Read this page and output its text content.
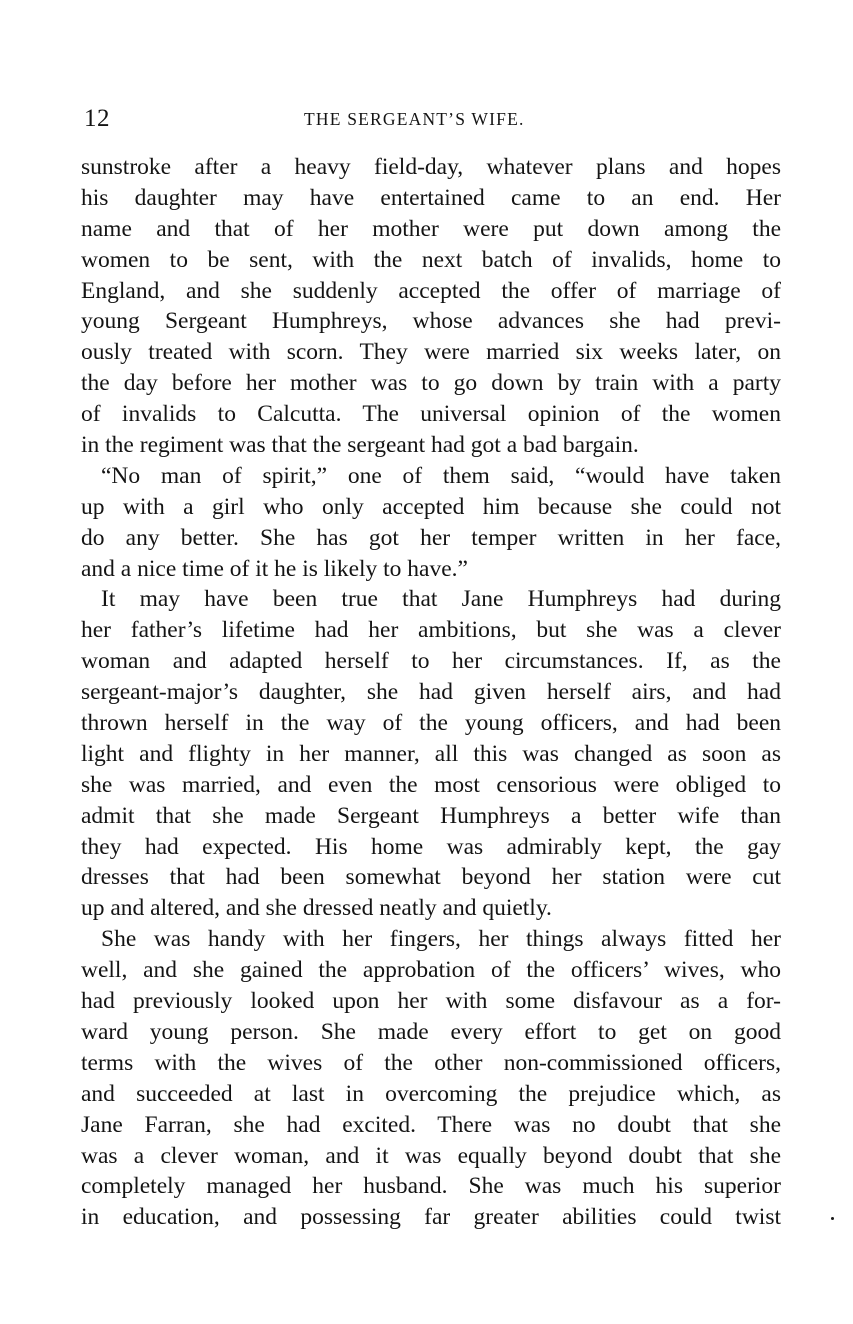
12	THE SERGEANT’S WIFE.
sunstroke after a heavy field-day, whatever plans and hopes
his daughter may have entertained came to an end. Her
name and that of her mother were put down among the
women to be sent, with the next batch of invalids, home to
England, and she suddenly accepted the offer of marriage of
young Sergeant Humphreys, whose advances she had previ-
ously treated with scorn. They were married six weeks later, on
the day before her mother was to go down by train with a party
of invalids to Calcutta. The universal opinion of the women
in the regiment was that the sergeant had got a bad bargain.
“No man of spirit,” one of them said, “would have taken
up with a girl who only accepted him because she could not
do any better. She has got her temper written in her face,
and a nice time of it he is likely to have.”
It may have been true that Jane Humphreys had during
her father’s lifetime had her ambitions, but she was a clever
woman and adapted herself to her circumstances. If, as the
sergeant-major’s daughter, she had given herself airs, and had
thrown herself in the way of the young officers, and had been
light and flighty in her manner, all this was changed as soon as
she was married, and even the most censorious were obliged to
admit that she made Sergeant Humphreys a better wife than
they had expected. His home was admirably kept, the gay
dresses that had been somewhat beyond her station were cut
up and altered, and she dressed neatly and quietly.
She was handy with her fingers, her things always fitted her
well, and she gained the approbation of the officers’ wives, who
had previously looked upon her with some disfavour as a for-
ward young person. She made every effort to get on good
terms with the wives of the other non-commissioned officers,
and succeeded at last in overcoming the prejudice which, as
Jane Farran, she had excited. There was no doubt that she
was a clever woman, and it was equally beyond doubt that she
completely managed her husband. She was much his superior
in education, and possessing far greater abilities could twist
